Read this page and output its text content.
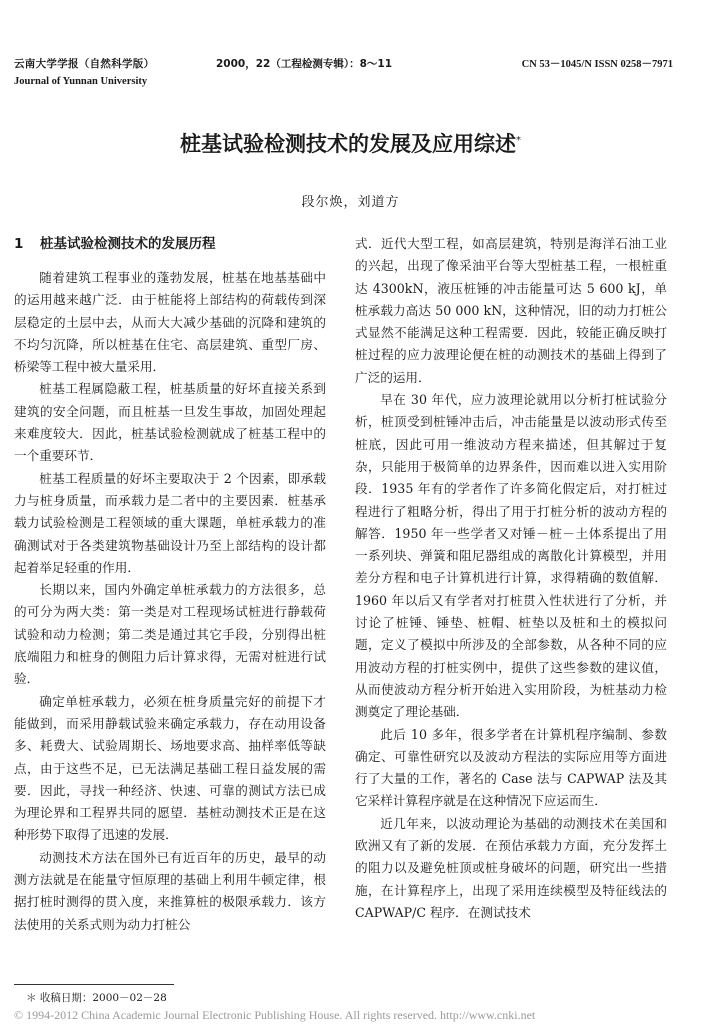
云南大学学报（自然科学版）	2000，22（工程检测专辑）：8～11	CN 53－1045/N ISSN 0258－7971
Journal of Yunnan University
桩基试验检测技术的发展及应用综述*
段尔焕，刘道方
1 桩基试验检测技术的发展历程

随着建筑工程事业的蓬勃发展，桩基在地基基础中的运用越来越广泛．由于桩能将上部结构的荷载传到深层稳定的土层中去，从而大大减少基础的沉降和建筑的不均匀沉降，所以桩基在住宅、高层建筑、重型厂房、桥梁等工程中被大量采用．

桩基工程属隐蔽工程，桩基质量的好坏直接关系到建筑的安全问题，而且桩基一旦发生事故，加固处理起来难度较大．因此，桩基试验检测就成了桩基工程中的一个重要环节．

桩基工程质量的好坏主要取决于 2 个因素，即承载力与桩身质量，而承载力是二者中的主要因素．桩基承载力试验检测是工程领域的重大课题，单桩承载力的准确测试对于各类建筑物基础设计乃至上部结构的设计都起着举足轻重的作用．

长期以来，国内外确定单桩承载力的方法很多，总的可分为两大类：第一类是对工程现场试桩进行静载荷试验和动力检测；第二类是通过其它手段，分别得出桩底端阻力和桩身的侧阻力后计算求得，无需对桩进行试验．

确定单桩承载力，必须在桩身质量完好的前提下才能做到，而采用静载试验来确定承载力，存在动用设备多、耗费大、试验周期长、场地要求高、抽样率低等缺点，由于这些不足，已无法满足基础工程日益发展的需要．因此，寻找一种经济、快速、可靠的测试方法已成为理论界和工程界共同的愿望．基桩动测技术正是在这种形势下取得了迅速的发展．

动测技术方法在国外已有近百年的历史，最早的动测方法就是在能量守恒原理的基础上利用牛顿定律，根据打桩时测得的贯入度，来推算桩的极限承载力．该方法使用的关系式则为动力打桩公

式．近代大型工程，如高层建筑，特别是海洋石油工业的兴起，出现了像采油平台等大型桩基工程，一根桩重达 4300kN，液压桩锤的冲击能量可达 5 600 kJ，单桩承载力高达 50 000 kN，这种情况，旧的动力打桩公式显然不能满足这种工程需要．因此，较能正确反映打桩过程的应力波理论便在桩的动测技术的基础上得到了广泛的运用．

早在 30 年代，应力波理论就用以分析打桩试验分析，桩顶受到桩锤冲击后，冲击能量是以波动形式传至桩底，因此可用一维波动方程来描述，但其解过于复杂，只能用于极简单的边界条件，因而难以进入实用阶段．1935 年有的学者作了许多简化假定后，对打桩过程进行了粗略分析，得出了用于打桩分析的波动方程的解答．1950 年一些学者又对锤－桩－土体系提出了用一系列块、弹簧和阻尼器组成的离散化计算模型，并用差分方程和电子计算机进行计算，求得精确的数值解．1960 年以后又有学者对打桩贯入性状进行了分析，并讨论了桩锤、锤垫、桩帽、桩垫以及桩和土的模拟问题，定义了模拟中所涉及的全部参数，从各种不同的应用波动方程的打桩实例中，提供了这些参数的建议值，从而使波动方程分析开始进入实用阶段，为桩基动力检测奠定了理论基础．

此后 10 多年，很多学者在计算机程序编制、参数确定、可靠性研究以及波动方程法的实际应用等方面进行了大量的工作，著名的 Case 法与 CAPWAP 法及其它采样计算程序就是在这种情况下应运而生．

近几年来，以波动理论为基础的动测技术在美国和欧洲又有了新的发展．在预估承载力方面，充分发挥土的阻力以及避免桩顶或桩身破坏的问题，研究出一些措施，在计算程序上，出现了采用连续模型及特征线法的 CAPWAP/C 程序．在测试技术

＊ 收稿日期：2000－02－28
© 1994-2012 China Academic Journal Electronic Publishing House. All rights reserved. http://www.cnki.net
